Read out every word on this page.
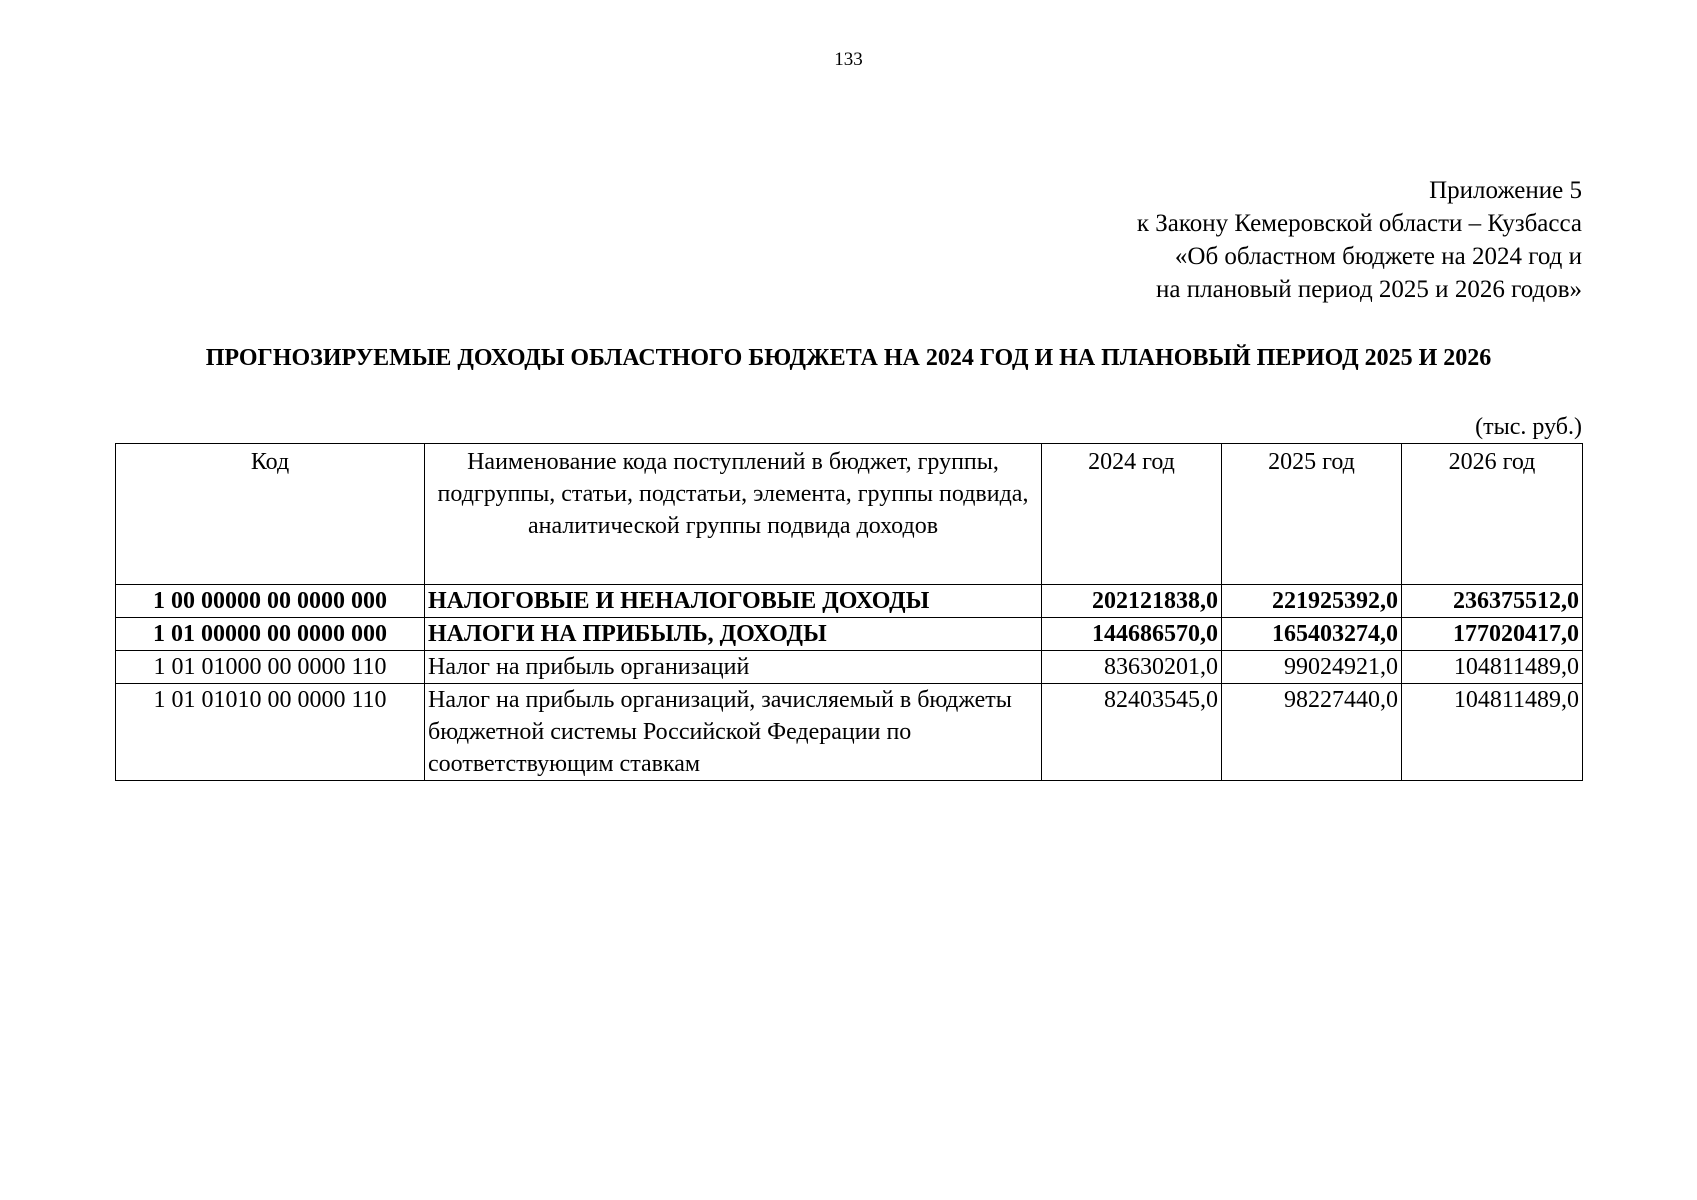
133
Приложение 5
к Закону Кемеровской области – Кузбасса
«Об областном бюджете на 2024 год и
на плановый период 2025 и 2026 годов»
ПРОГНОЗИРУЕМЫЕ ДОХОДЫ ОБЛАСТНОГО БЮДЖЕТА НА 2024 ГОД И НА ПЛАНОВЫЙ ПЕРИОД 2025 И 2026
(тыс. руб.)
Код	Наименование кода поступлений в бюджет, группы, подгруппы, статьи, подстатьи, элемента, группы подвида, аналитической группы подвида доходов	2024 год	2025 год	2026 год
1 00 00000 00 0000 000	НАЛОГОВЫЕ И НЕНАЛОГОВЫЕ ДОХОДЫ	202121838,0	221925392,0	236375512,0
1 01 00000 00 0000 000	НАЛОГИ НА ПРИБЫЛЬ, ДОХОДЫ	144686570,0	165403274,0	177020417,0
1 01 01000 00 0000 110	Налог на прибыль организаций	83630201,0	99024921,0	104811489,0
1 01 01010 00 0000 110	Налог на прибыль организаций, зачисляемый в бюджеты бюджетной системы Российской Федерации по соответствующим ставкам	82403545,0	98227440,0	104811489,0
